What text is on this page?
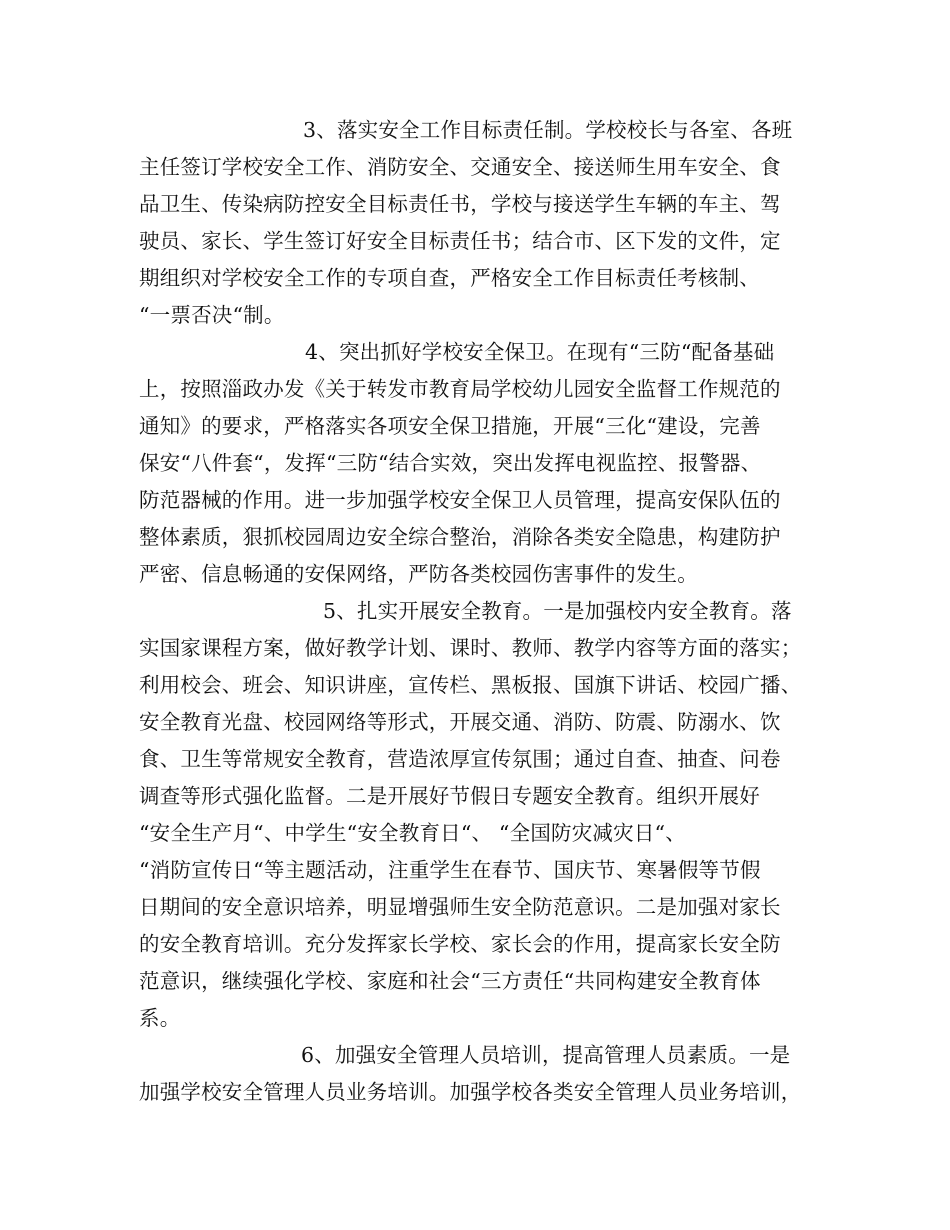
3、落实安全工作目标责任制。学校校长与各室、各班
主任签订学校安全工作、消防安全、交通安全、接送师生用车安全、食
品卫生、传染病防控安全目标责任书，学校与接送学生车辆的车主、驾
驶员、家长、学生签订好安全目标责任书；结合市、区下发的文件，定
期组织对学校安全工作的专项自查，严格安全工作目标责任考核制、
“一票否决“制。
4、突出抓好学校安全保卫。在现有“三防“配备基础
上，按照淄政办发《关于转发市教育局学校幼儿园安全监督工作规范的
通知》的要求，严格落实各项安全保卫措施，开展“三化“建设，完善
保安“八件套“，发挥“三防“结合实效，突出发挥电视监控、报警器、
防范器械的作用。进一步加强学校安全保卫人员管理，提高安保队伍的
整体素质，狠抓校园周边安全综合整治，消除各类安全隐患，构建防护
严密、信息畅通的安保网络，严防各类校园伤害事件的发生。
5、扎实开展安全教育。一是加强校内安全教育。落
实国家课程方案，做好教学计划、课时、教师、教学内容等方面的落实；
利用校会、班会、知识讲座，宣传栏、黑板报、国旗下讲话、校园广播、
安全教育光盘、校园网络等形式，开展交通、消防、防震、防溺水、饮
食、卫生等常规安全教育，营造浓厚宣传氛围；通过自查、抽查、问卷
调查等形式强化监督。二是开展好节假日专题安全教育。组织开展好
“安全生产月“、中学生“安全教育日“、 “全国防灾减灾日“、
“消防宣传日“等主题活动，注重学生在春节、国庆节、寒暑假等节假
日期间的安全意识培养，明显增强师生安全防范意识。二是加强对家长
的安全教育培训。充分发挥家长学校、家长会的作用，提高家长安全防
范意识，继续强化学校、家庭和社会“三方责任“共同构建安全教育体
系。
6、加强安全管理人员培训，提高管理人员素质。一是
加强学校安全管理人员业务培训。加强学校各类安全管理人员业务培训，
